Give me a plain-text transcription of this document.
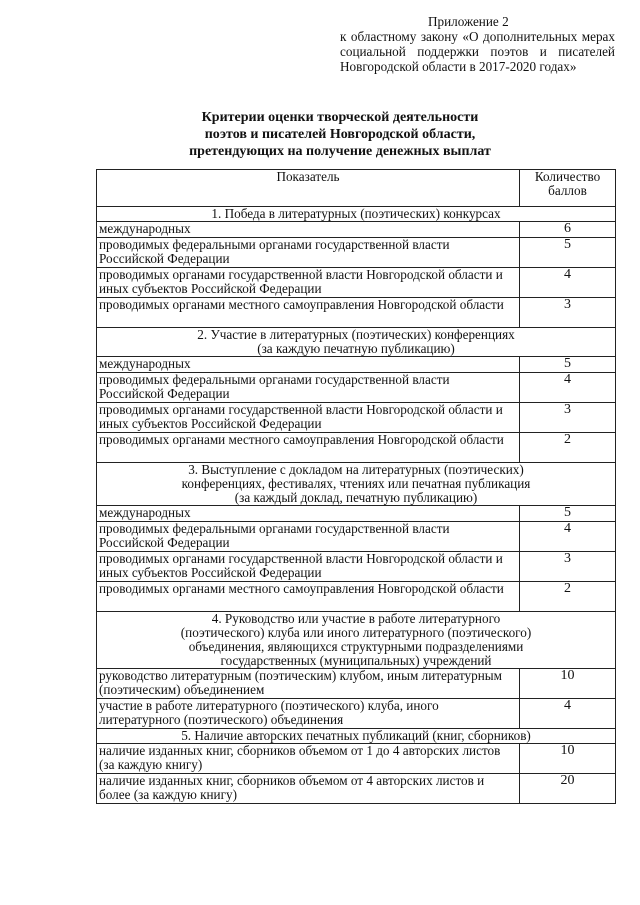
Приложение 2
к областному закону «О дополнительных мерах социальной поддержки поэтов и писателей Новгородской области в 2017-2020 годах»
Критерии оценки творческой деятельности
поэтов и писателей Новгородской области,
претендующих на получение денежных выплат
Показатель	Количество
баллов

1. Победа в литературных (поэтических) конкурсах	

международных	6
проводимых федеральными органами государственной власти Российской Федерации	5
проводимых органами государственной власти Новгородской области и иных субъектов Российской Федерации	4
проводимых органами местного самоуправления Новгородской области	3

2. Участие в литературных (поэтических) конференциях
(за каждую печатную публикацию)	

международных	5
проводимых федеральными органами государственной власти Российской Федерации	4
проводимых органами государственной власти Новгородской области и иных субъектов Российской Федерации	3
проводимых органами местного самоуправления Новгородской области	2

3. Выступление с докладом на литературных (поэтических)
конференциях, фестивалях, чтениях или печатная публикация
(за каждый доклад, печатную публикацию)	

международных	5
проводимых федеральными органами государственной власти Российской Федерации	4
проводимых органами государственной власти Новгородской области и иных субъектов Российской Федерации	3
проводимых органами местного самоуправления Новгородской области	2

4. Руководство или участие в работе литературного
(поэтического) клуба или иного литературного (поэтического)
объединения, являющихся структурными подразделениями
государственных (муниципальных) учреждений	

руководство литературным (поэтическим) клубом, иным литературным (поэтическим) объединением	10
участие в работе литературного (поэтического) клуба, иного литературного (поэтического) объединения	4

5. Наличие авторских печатных публикаций (книг, сборников)	

наличие изданных книг, сборников объемом от 1 до 4 авторских листов (за каждую книгу)	10
наличие изданных книг, сборников объемом от 4 авторских листов и более (за каждую книгу)	20
